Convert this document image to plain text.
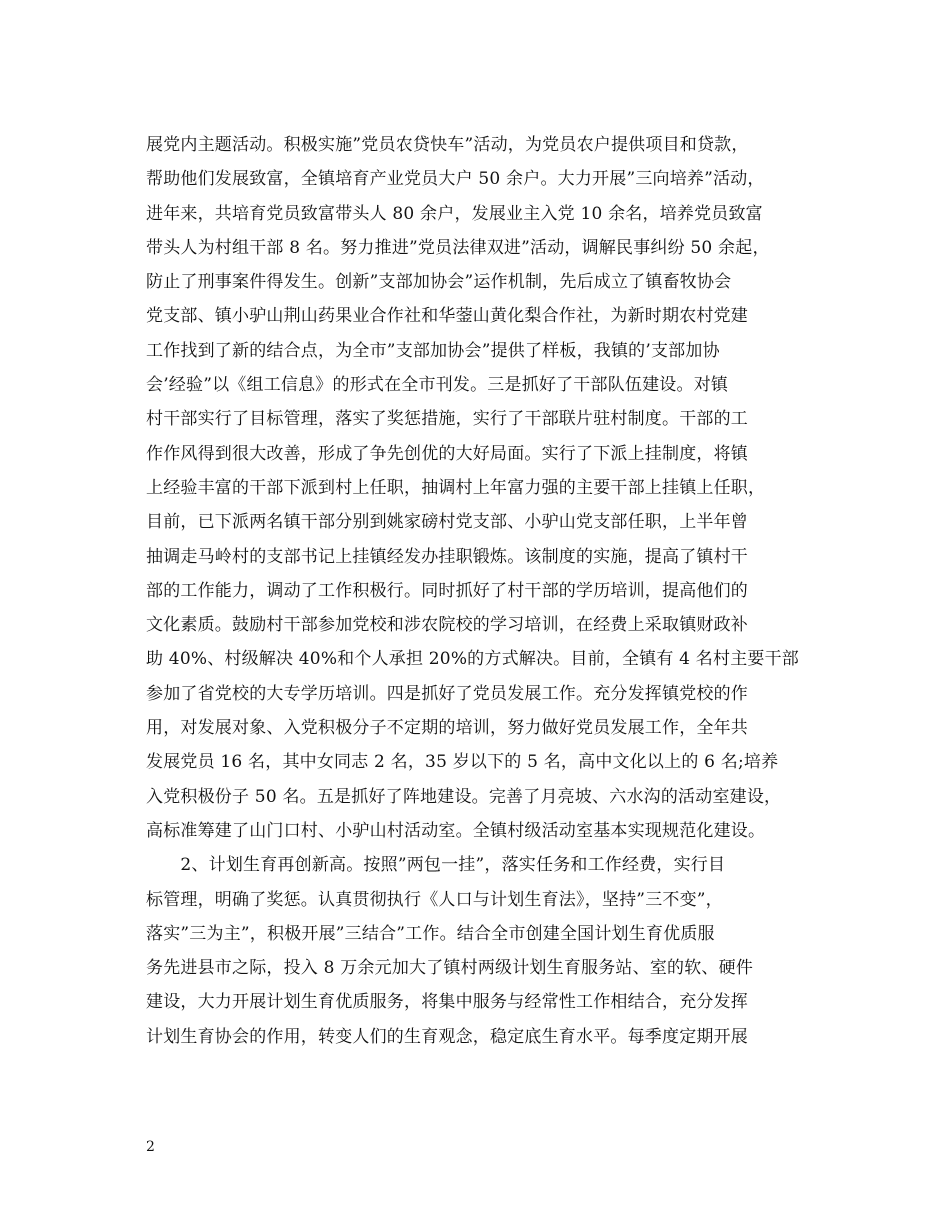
展党内主题活动。积极实施”党员农贷快车”活动，为党员农户提供项目和贷款，
帮助他们发展致富，全镇培育产业党员大户 50 余户。大力开展”三向培养”活动，
进年来，共培育党员致富带头人 80 余户，发展业主入党 10 余名，培养党员致富
带头人为村组干部 8 名。努力推进”党员法律双进”活动，调解民事纠纷 50 余起，
防止了刑事案件得发生。创新”支部加协会”运作机制，先后成立了镇畜牧协会
党支部、镇小驴山荆山药果业合作社和华蓥山黄化梨合作社，为新时期农村党建
工作找到了新的结合点，为全市”支部加协会”提供了样板，我镇的’支部加协
会’经验”以《组工信息》的形式在全市刊发。三是抓好了干部队伍建设。对镇
村干部实行了目标管理，落实了奖惩措施，实行了干部联片驻村制度。干部的工
作作风得到很大改善，形成了争先创优的大好局面。实行了下派上挂制度，将镇
上经验丰富的干部下派到村上任职，抽调村上年富力强的主要干部上挂镇上任职，
目前，已下派两名镇干部分别到姚家磅村党支部、小驴山党支部任职，上半年曾
抽调走马岭村的支部书记上挂镇经发办挂职锻炼。该制度的实施，提高了镇村干
部的工作能力，调动了工作积极行。同时抓好了村干部的学历培训，提高他们的
文化素质。鼓励村干部参加党校和涉农院校的学习培训，在经费上采取镇财政补
助 40%、村级解决 40%和个人承担 20%的方式解决。目前，全镇有 4 名村主要干部
参加了省党校的大专学历培训。四是抓好了党员发展工作。充分发挥镇党校的作
用，对发展对象、入党积极分子不定期的培训，努力做好党员发展工作，全年共
发展党员 16 名，其中女同志 2 名，35 岁以下的 5 名，高中文化以上的 6 名;培养
入党积极份子 50 名。五是抓好了阵地建设。完善了月亮坡、六水沟的活动室建设，
高标准筹建了山门口村、小驴山村活动室。全镇村级活动室基本实现规范化建设。
　　2、计划生育再创新高。按照”两包一挂”，落实任务和工作经费，实行目
标管理，明确了奖惩。认真贯彻执行《人口与计划生育法》，坚持”三不变”，
落实”三为主”，积极开展”三结合”工作。结合全市创建全国计划生育优质服
务先进县市之际，投入 8 万余元加大了镇村两级计划生育服务站、室的软、硬件
建设，大力开展计划生育优质服务，将集中服务与经常性工作相结合，充分发挥
计划生育协会的作用，转变人们的生育观念，稳定底生育水平。每季度定期开展
2
